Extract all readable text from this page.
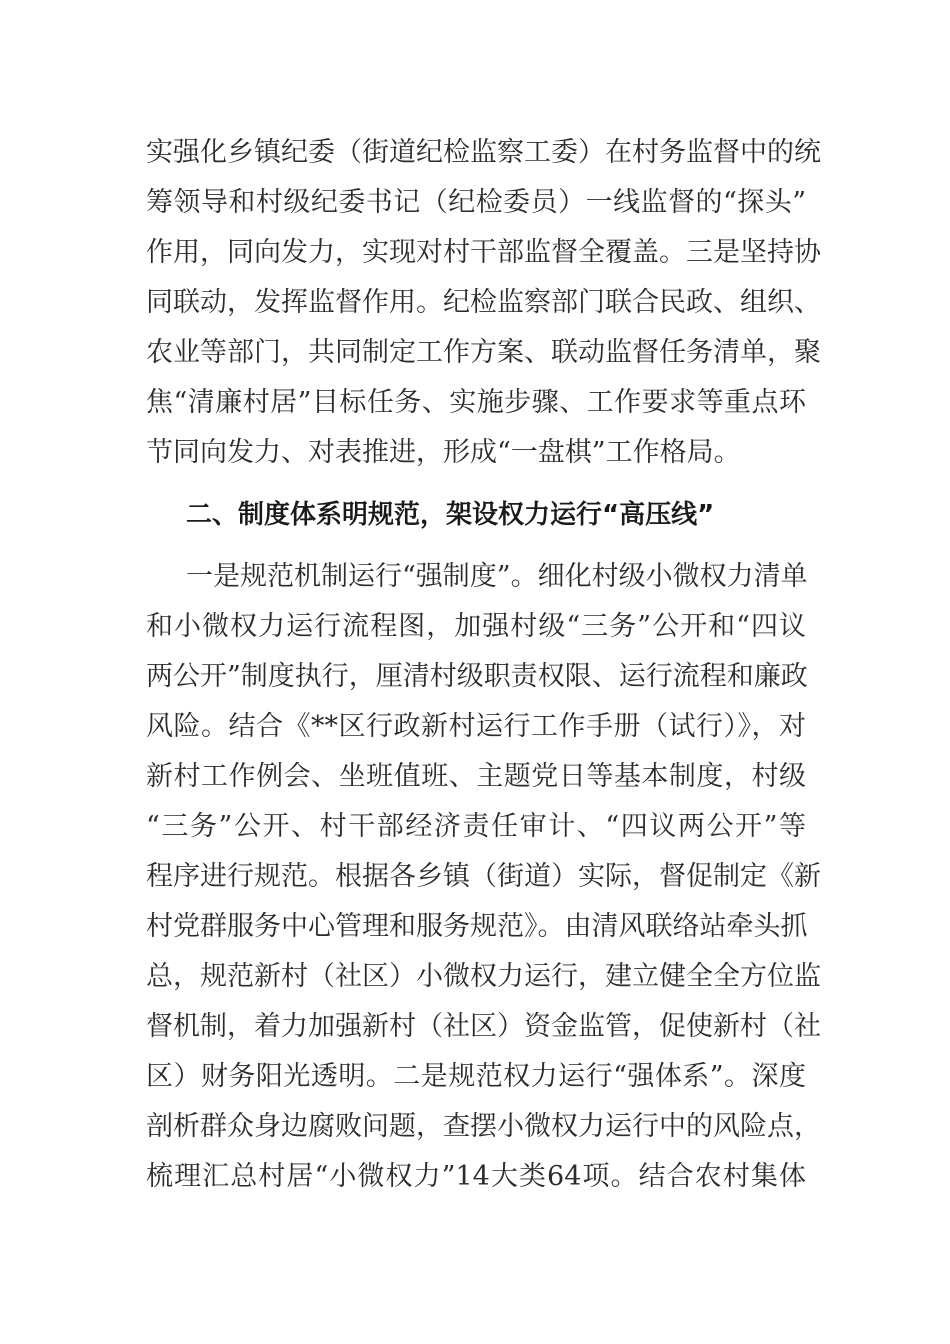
实强化乡镇纪委（街道纪检监察工委）在村务监督中的统
筹领导和村级纪委书记（纪检委员）一线监督的“探头”
作用，同向发力，实现对村干部监督全覆盖。三是坚持协
同联动，发挥监督作用。纪检监察部门联合民政、组织、
农业等部门，共同制定工作方案、联动监督任务清单，聚
焦“清廉村居”目标任务、实施步骤、工作要求等重点环
节同向发力、对表推进，形成“一盘棋”工作格局。
二、制度体系明规范，架设权力运行“高压线”
一是规范机制运行“强制度”。细化村级小微权力清单
和小微权力运行流程图，加强村级“三务”公开和“四议
两公开”制度执行，厘清村级职责权限、运行流程和廉政
风险。结合《**区行政新村运行工作手册（试行）》，对
新村工作例会、坐班值班、主题党日等基本制度，村级
“三务”公开、村干部经济责任审计、“四议两公开”等
程序进行规范。根据各乡镇（街道）实际，督促制定《新
村党群服务中心管理和服务规范》。由清风联络站牵头抓
总，规范新村（社区）小微权力运行，建立健全全方位监
督机制，着力加强新村（社区）资金监管，促使新村（社
区）财务阳光透明。二是规范权力运行“强体系”。深度
剖析群众身边腐败问题，查摆小微权力运行中的风险点，
梳理汇总村居“小微权力”14大类64项。结合农村集体
